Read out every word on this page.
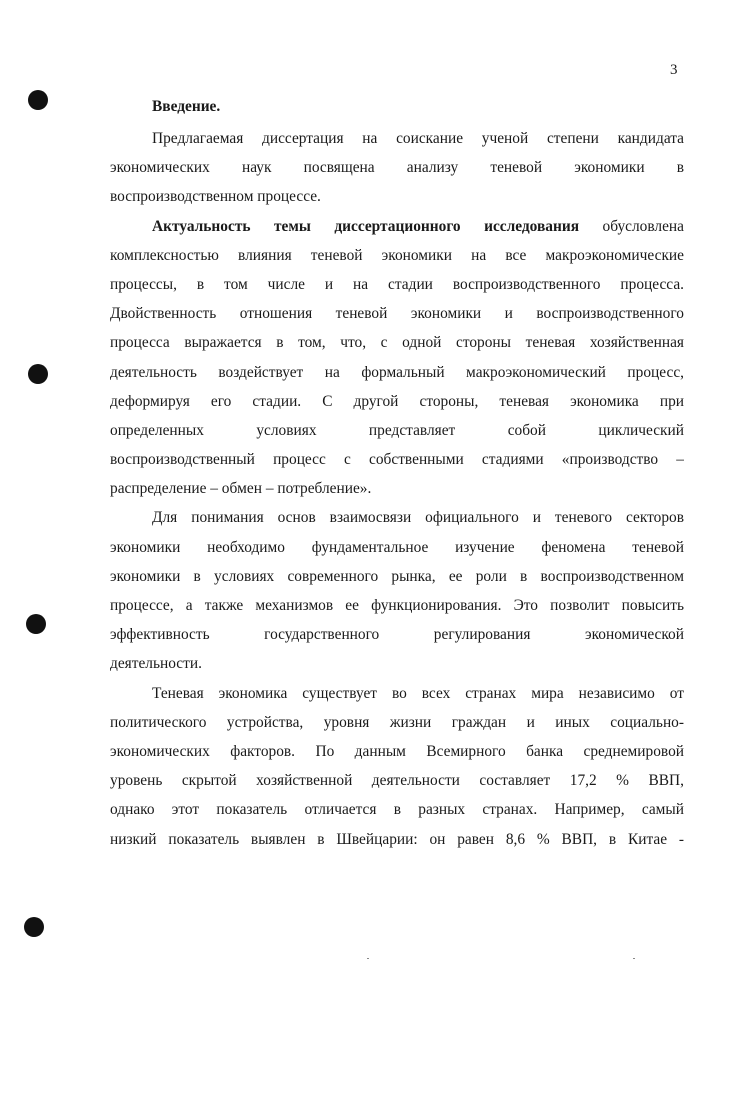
3
Введение.
Предлагаемая диссертация на соискание ученой степени кандидата
экономических наук посвящена анализу теневой экономики в
воспроизводственном процессе.
Актуальность темы диссертационного исследования обусловлена
комплексностью влияния теневой экономики на все макроэкономические
процессы, в том числе и на стадии воспроизводственного процесса.
Двойственность отношения теневой экономики и воспроизводственного
процесса выражается в том, что, с одной стороны теневая хозяйственная
деятельность воздействует на формальный макроэкономический процесс,
деформируя его стадии. С другой стороны, теневая экономика при
определенных условиях представляет собой циклический
воспроизводственный процесс с собственными стадиями «производство –
распределение – обмен – потребление».
Для понимания основ взаимосвязи официального и теневого секторов
экономики необходимо фундаментальное изучение феномена теневой
экономики в условиях современного рынка, ее роли в воспроизводственном
процессе, а также механизмов ее функционирования. Это позволит повысить
эффективность государственного регулирования экономической
деятельности.
Теневая экономика существует во всех странах мира независимо от
политического устройства, уровня жизни граждан и иных социально-
экономических факторов. По данным Всемирного банка среднемировой
уровень скрытой хозяйственной деятельности составляет 17,2 % ВВП,
однако этот показатель отличается в разных странах. Например, самый
низкий показатель выявлен в Швейцарии: он равен 8,6 % ВВП, в Китае -
